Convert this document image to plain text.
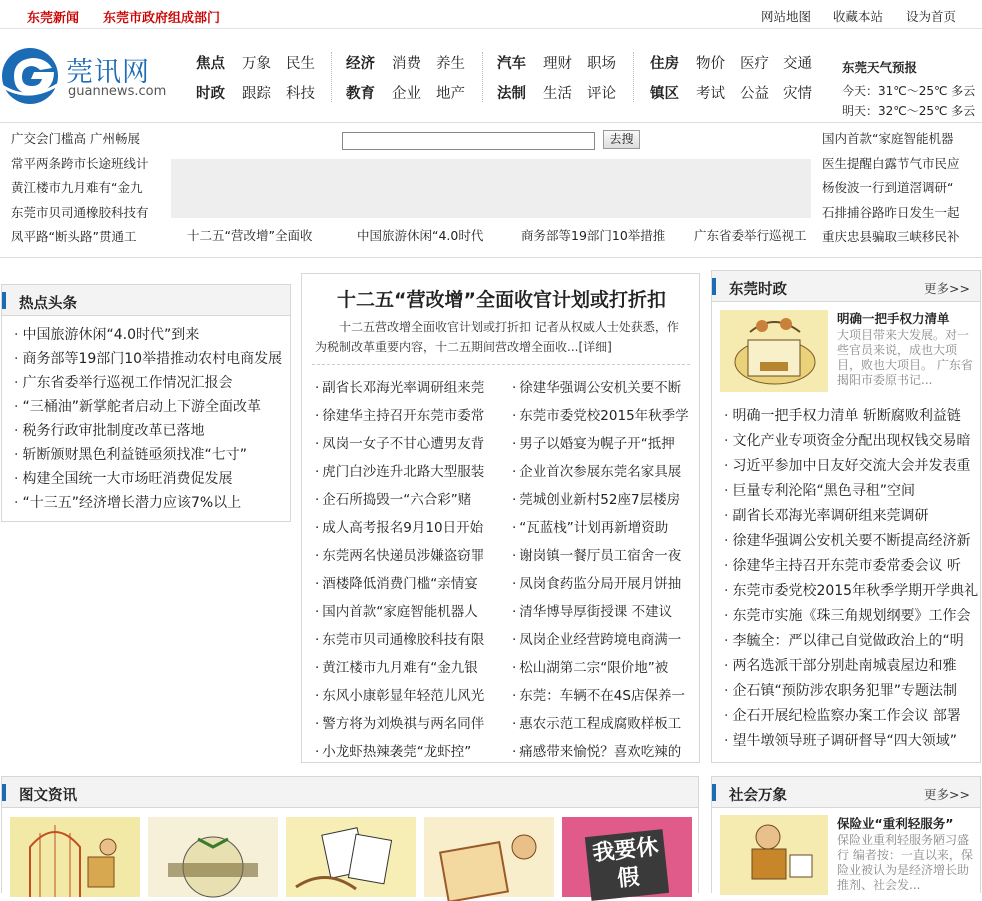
东莞新闻 东莞市政府组成部门	网站地图 收藏本站 设为首页
莞讯网
guannews.com
焦点 万象 民生
时政 跟踪 科技
经济 消费 养生
教育 企业 地产
汽车 理财 职场
法制 生活 评论
住房 物价 医疗 交通
镇区 考试 公益 灾情
东莞天气预报
今天：31℃～25℃ 多云
明天：32℃～25℃ 多云
广交会门槛高 广州畅展
常平两条跨市长途班线计
黄江楼市九月难有“金九
东莞市贝司通橡胶科技有
凤平路“断头路”贯通工
去搜
十二五“营改增”全面收	中国旅游休闲“4.0时代	商务部等19部门10举措推	广东省委举行巡视工
国内首款“家庭智能机器
医生提醒白露节气市民应
杨俊波一行到道滘调研“
石排捕谷路昨日发生一起
重庆忠县骗取三峡移民补
热点头条
· 中国旅游休闲“4.0时代”到来
· 商务部等19部门10举措推动农村电商发展
· 广东省委举行巡视工作情况汇报会
· “三桶油”新掌舵者启动上下游全面改革
· 税务行政审批制度改革已落地
· 斩断颁财黑色利益链亟须找准“七寸”
· 构建全国统一大市场旺消费促发展
· “十三五”经济增长潜力应该7%以上
十二五“营改增”全面收官计划或打折扣
十二五营改增全面收官计划或打折扣 记者从权威人士处获悉，作为税制改革重要内容，十二五期间营改增全面收...[详细]
· 副省长邓海光率调研组来莞
· 徐建华主持召开东莞市委常
· 凤岗一女子不甘心遭男友背
· 虎门白沙连升北路大型服装
· 企石所捣毁一“六合彩”赌
· 成人高考报名9月10日开始
· 东莞两名快递员涉嫌盗窃罪
· 酒楼降低消费门槛“亲情宴
· 国内首款“家庭智能机器人
· 东莞市贝司通橡胶科技有限
· 黄江楼市九月难有“金九银
· 东风小康彰显年轻范儿风光
· 警方将为刘焕祺与两名同伴
· 小龙虾热辣袭莞“龙虾控”
· 徐建华强调公安机关要不断
· 东莞市委党校2015年秋季学
· 男子以婚宴为幌子开“抵押
· 企业首次参展东莞名家具展
· 莞城创业新村52座7层楼房
· “瓦蓝栈”计划再新增资助
· 谢岗镇一餐厅员工宿舍一夜
· 凤岗食药监分局开展月饼抽
· 清华博导厚街授课 不建议
· 凤岗企业经营跨境电商满一
· 松山湖第二宗“限价地”被
· 东莞：车辆不在4S店保养一
· 惠农示范工程成腐败样板工
· 痛感带来愉悦？喜欢吃辣的
东莞时政	更多>>
明确一把手权力清单
大项目带来大发展。对一些官员来说，成也大项目，败也大项目。 广东省揭阳市委原书记...
· 明确一把手权力清单 斩断腐败利益链
· 文化产业专项资金分配出现权钱交易暗
· 习近平参加中日友好交流大会并发表重
· 巨量专利沦陷“黑色寻租”空间
· 副省长邓海光率调研组来莞调研
· 徐建华强调公安机关要不断提高经济新
· 徐建华主持召开东莞市委常委会议 听
· 东莞市委党校2015年秋季学期开学典礼
· 东莞市实施《珠三角规划纲要》工作会
· 李毓全：严以律己自觉做政治上的“明
· 两名选派干部分别赴南城袁屋边和雅
· 企石镇“预防涉农职务犯罪”专题法制
· 企石开展纪检监察办案工作会议 部署
· 望牛墩领导班子调研督导“四大领域”
图文资讯
我要休假
社会万象	更多>>
保险业“重利轻服务”
保险业重利轻服务陋习盛行 编者按：一直以来，保险业被认为是经济增长助推剂、社会发...
